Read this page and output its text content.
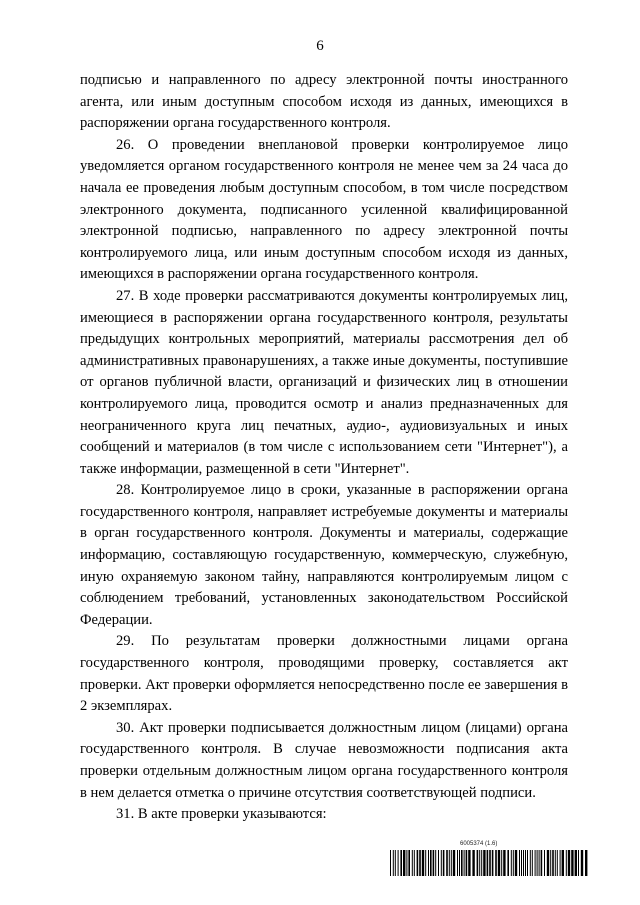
6

подписью и направленного по адресу электронной почты иностранного агента, или иным доступным способом исходя из данных, имеющихся в распоряжении органа государственного контроля.

26. О проведении внеплановой проверки контролируемое лицо уведомляется органом государственного контроля не менее чем за 24 часа до начала ее проведения любым доступным способом, в том числе посредством электронного документа, подписанного усиленной квалифицированной электронной подписью, направленного по адресу электронной почты контролируемого лица, или иным доступным способом исходя из данных, имеющихся в распоряжении органа государственного контроля.

27. В ходе проверки рассматриваются документы контролируемых лиц, имеющиеся в распоряжении органа государственного контроля, результаты предыдущих контрольных мероприятий, материалы рассмотрения дел об административных правонарушениях, а также иные документы, поступившие от органов публичной власти, организаций и физических лиц в отношении контролируемого лица, проводится осмотр и анализ предназначенных для неограниченного круга лиц печатных, аудио-, аудиовизуальных и иных сообщений и материалов (в том числе с использованием сети "Интернет"), а также информации, размещенной в сети "Интернет".

28. Контролируемое лицо в сроки, указанные в распоряжении органа государственного контроля, направляет истребуемые документы и материалы в орган государственного контроля. Документы и материалы, содержащие информацию, составляющую государственную, коммерческую, служебную, иную охраняемую законом тайну, направляются контролируемым лицом с соблюдением требований, установленных законодательством Российской Федерации.

29. По результатам проверки должностными лицами органа государственного контроля, проводящими проверку, составляется акт проверки. Акт проверки оформляется непосредственно после ее завершения в 2 экземплярах.

30. Акт проверки подписывается должностным лицом (лицами) органа государственного контроля. В случае невозможности подписания акта проверки отдельным должностным лицом органа государственного контроля в нем делается отметка о причине отсутствия соответствующей подписи.

31. В акте проверки указываются:

6005374 (1.6)
